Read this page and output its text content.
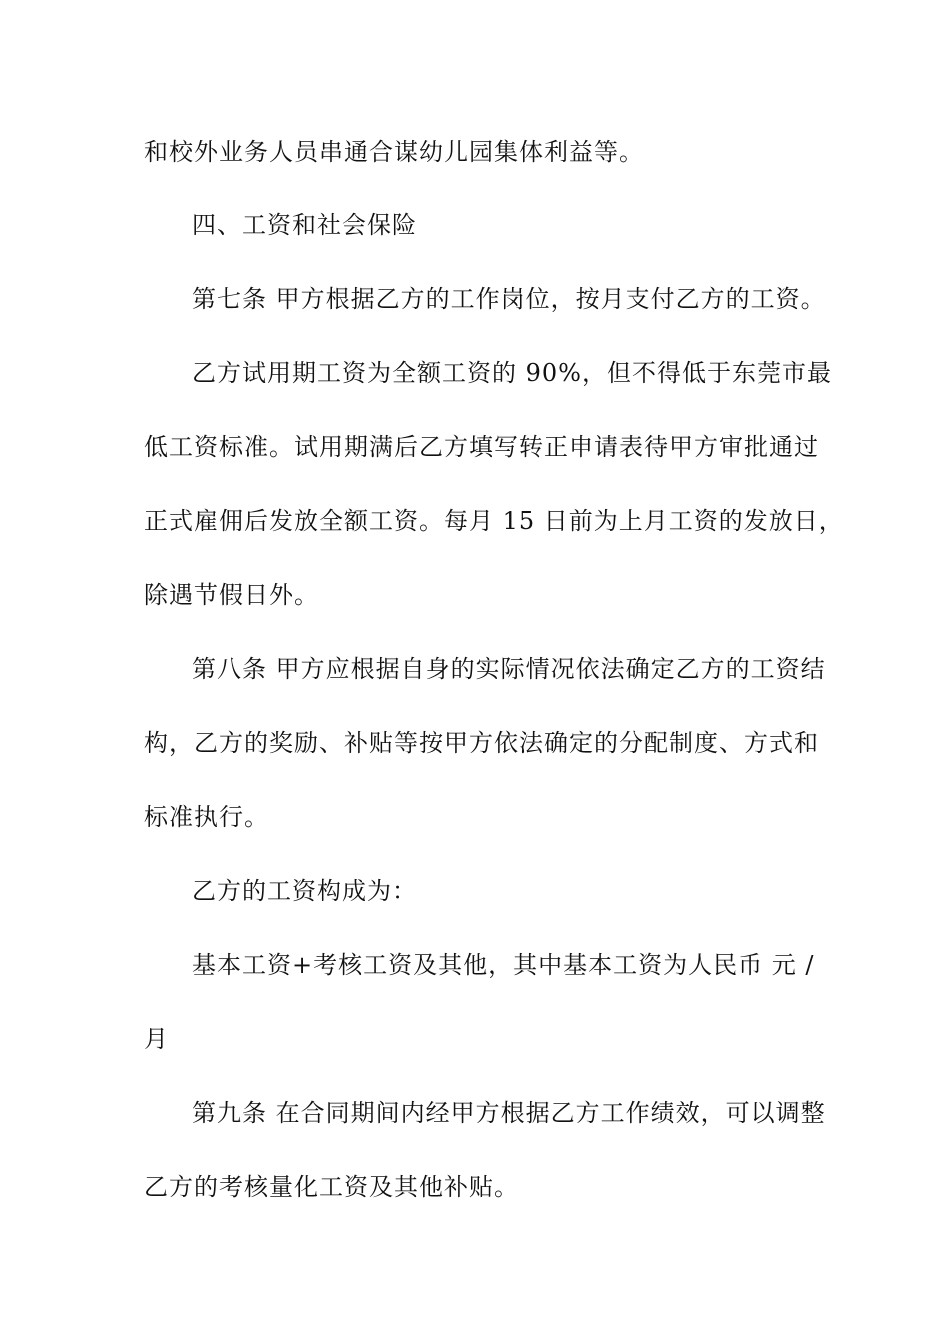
和校外业务人员串通合谋幼儿园集体利益等。
四、工资和社会保险
第七条 甲方根据乙方的工作岗位，按月支付乙方的工资。
乙方试用期工资为全额工资的 90%，但不得低于东莞市最
低工资标准。试用期满后乙方填写转正申请表待甲方审批通过
正式雇佣后发放全额工资。每月 15 日前为上月工资的发放日，
除遇节假日外。
第八条 甲方应根据自身的实际情况依法确定乙方的工资结
构，乙方的奖励、补贴等按甲方依法确定的分配制度、方式和
标准执行。
乙方的工资构成为：
基本工资+考核工资及其他，其中基本工资为人民币 元 /
月
第九条 在合同期间内经甲方根据乙方工作绩效，可以调整
乙方的考核量化工资及其他补贴。
